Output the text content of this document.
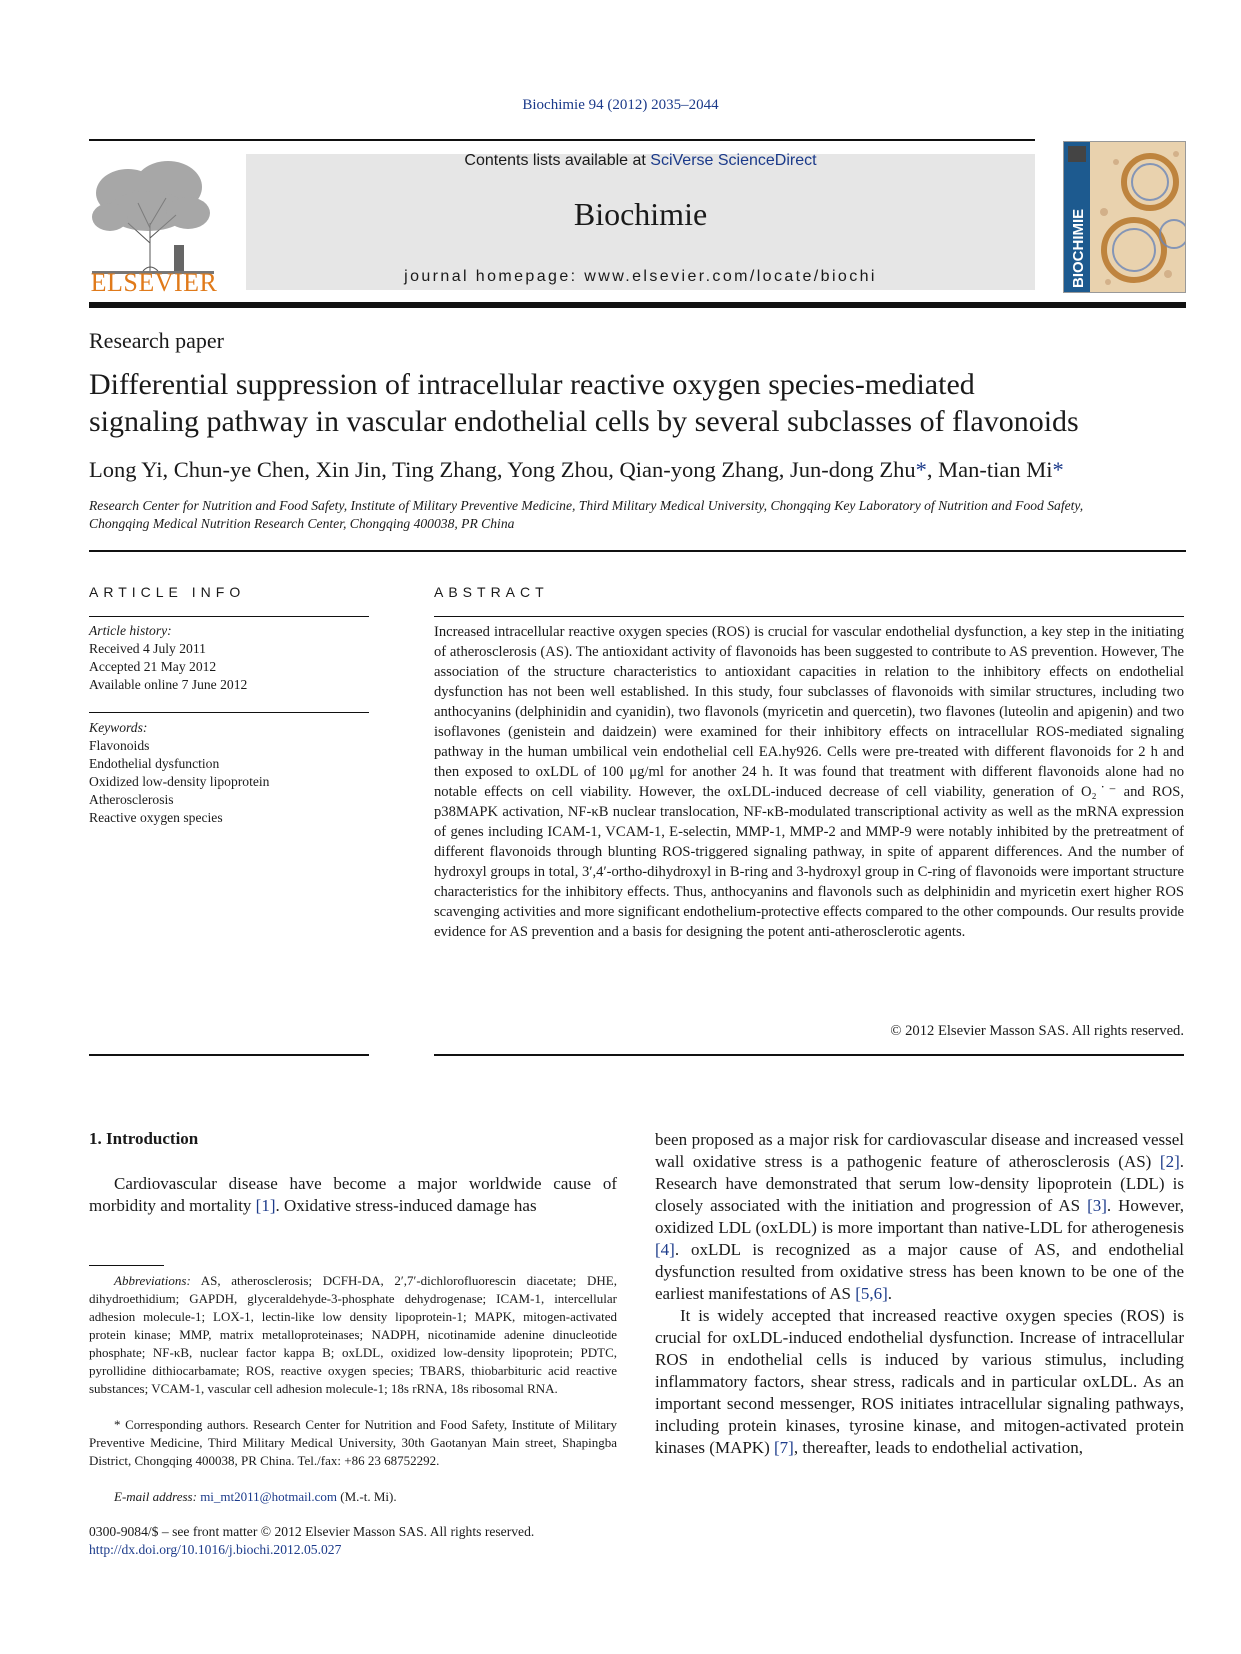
Biochimie 94 (2012) 2035–2044
ELSEVIER
Contents lists available at SciVerse ScienceDirect
Biochimie
journal homepage: www.elsevier.com/locate/biochi	BIOCHIMIE
Research paper
Differential suppression of intracellular reactive oxygen species-mediated
signaling pathway in vascular endothelial cells by several subclasses of flavonoids
Long Yi, Chun-ye Chen, Xin Jin, Ting Zhang, Yong Zhou, Qian-yong Zhang, Jun-dong Zhu*, Man-tian Mi*
Research Center for Nutrition and Food Safety, Institute of Military Preventive Medicine, Third Military Medical University, Chongqing Key Laboratory of Nutrition and Food Safety,
Chongqing Medical Nutrition Research Center, Chongqing 400038, PR China
ARTICLE INFO
Article history:
Received 4 July 2011
Accepted 21 May 2012
Available online 7 June 2012
Keywords:
Flavonoids
Endothelial dysfunction
Oxidized low-density lipoprotein
Atherosclerosis
Reactive oxygen species
ABSTRACT
Increased intracellular reactive oxygen species (ROS) is crucial for vascular endothelial dysfunction, a key step in the initiating of atherosclerosis (AS). The antioxidant activity of flavonoids has been suggested to contribute to AS prevention. However, The association of the structure characteristics to antioxidant capacities in relation to the inhibitory effects on endothelial dysfunction has not been well established. In this study, four subclasses of flavonoids with similar structures, including two anthocyanins (delphinidin and cyanidin), two flavonols (myricetin and quercetin), two flavones (luteolin and apigenin) and two isoflavones (genistein and daidzein) were examined for their inhibitory effects on intracellular ROS-mediated signaling pathway in the human umbilical vein endothelial cell EA.hy926. Cells were pre-treated with different flavonoids for 2 h and then exposed to oxLDL of 100 μg/ml for another 24 h. It was found that treatment with different flavonoids alone had no notable effects on cell viability. However, the oxLDL-induced decrease of cell viability, generation of O₂˙⁻ and ROS, p38MAPK activation, NF-κB nuclear translocation, NF-κB-modulated transcriptional activity as well as the mRNA expression of genes including ICAM-1, VCAM-1, E-selectin, MMP-1, MMP-2 and MMP-9 were notably inhibited by the pretreatment of different flavonoids through blunting ROS-triggered signaling pathway, in spite of apparent differences. And the number of hydroxyl groups in total, 3′,4′-ortho-dihydroxyl in B-ring and 3-hydroxyl group in C-ring of flavonoids were important structure characteristics for the inhibitory effects. Thus, anthocyanins and flavonols such as delphinidin and myricetin exert higher ROS scavenging activities and more significant endothelium-protective effects compared to the other compounds. Our results provide evidence for AS prevention and a basis for designing the potent anti-atherosclerotic agents.
© 2012 Elsevier Masson SAS. All rights reserved.
1. Introduction
Cardiovascular disease have become a major worldwide cause of morbidity and mortality [1]. Oxidative stress-induced damage has
been proposed as a major risk for cardiovascular disease and increased vessel wall oxidative stress is a pathogenic feature of atherosclerosis (AS) [2]. Research have demonstrated that serum low-density lipoprotein (LDL) is closely associated with the initiation and progression of AS [3]. However, oxidized LDL (oxLDL) is more important than native-LDL for atherogenesis [4]. oxLDL is recognized as a major cause of AS, and endothelial dysfunction resulted from oxidative stress has been known to be one of the earliest manifestations of AS [5,6].
It is widely accepted that increased reactive oxygen species (ROS) is crucial for oxLDL-induced endothelial dysfunction. Increase of intracellular ROS in endothelial cells is induced by various stimulus, including inflammatory factors, shear stress, radicals and in particular oxLDL. As an important second messenger, ROS initiates intracellular signaling pathways, including protein kinases, tyrosine kinase, and mitogen-activated protein kinases (MAPK) [7], thereafter, leads to endothelial activation,
Abbreviations: AS, atherosclerosis; DCFH-DA, 2′,7′-dichlorofluorescin diacetate; DHE, dihydroethidium; GAPDH, glyceraldehyde-3-phosphate dehydrogenase; ICAM-1, intercellular adhesion molecule-1; LOX-1, lectin-like low density lipoprotein-1; MAPK, mitogen-activated protein kinase; MMP, matrix metalloproteinases; NADPH, nicotinamide adenine dinucleotide phosphate; NF-κB, nuclear factor kappa B; oxLDL, oxidized low-density lipoprotein; PDTC, pyrollidine dithiocarbamate; ROS, reactive oxygen species; TBARS, thiobarbituric acid reactive substances; VCAM-1, vascular cell adhesion molecule-1; 18s rRNA, 18s ribosomal RNA.
* Corresponding authors. Research Center for Nutrition and Food Safety, Institute of Military Preventive Medicine, Third Military Medical University, 30th Gaotanyan Main street, Shapingba District, Chongqing 400038, PR China. Tel./fax: +86 23 68752292.
E-mail address: mi_mt2011@hotmail.com (M.-t. Mi).
0300-9084/$ – see front matter © 2012 Elsevier Masson SAS. All rights reserved.
http://dx.doi.org/10.1016/j.biochi.2012.05.027
